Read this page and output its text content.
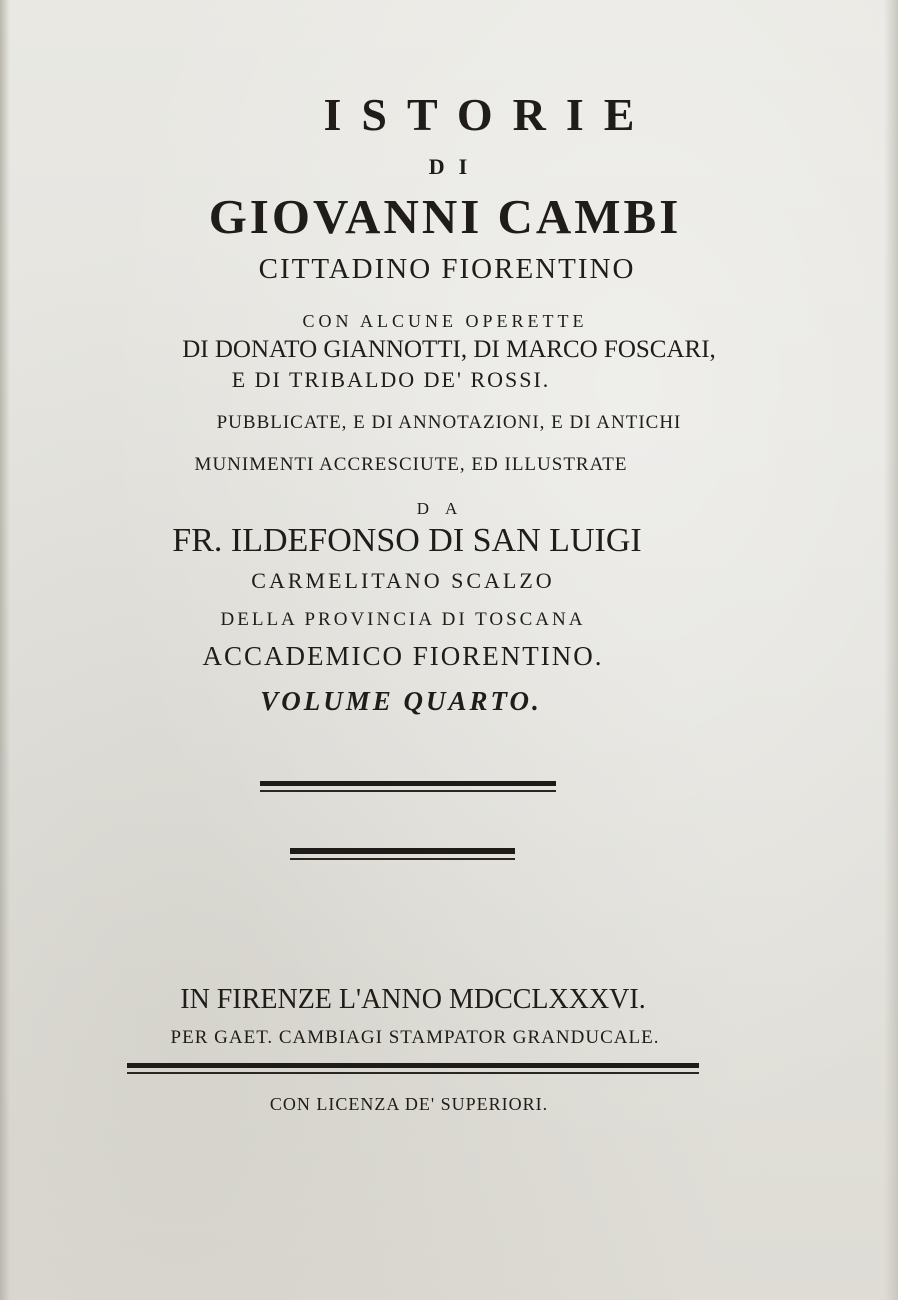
ISTORIE
DI
GIOVANNI CAMBI
CITTADINO FIORENTINO
CON ALCUNE OPERETTE
DI DONATO GIANNOTTI, DI MARCO FOSCARI,
E DI TRIBALDO DE' ROSSI.
PUBBLICATE, E DI ANNOTAZIONI, E DI ANTICHI
MUNIMENTI ACCRESCIUTE, ED ILLUSTRATE
DA
FR. ILDEFONSO DI SAN LUIGI
CARMELITANO SCALZO
DELLA PROVINCIA DI TOSCANA
ACCADEMICO FIORENTINO.
VOLUME QUARTO.
IN FIRENZE L'ANNO MDCCLXXXVI.
PER GAET. CAMBIAGI STAMPATOR GRANDUCALE.
CON LICENZA DE' SUPERIORI.
